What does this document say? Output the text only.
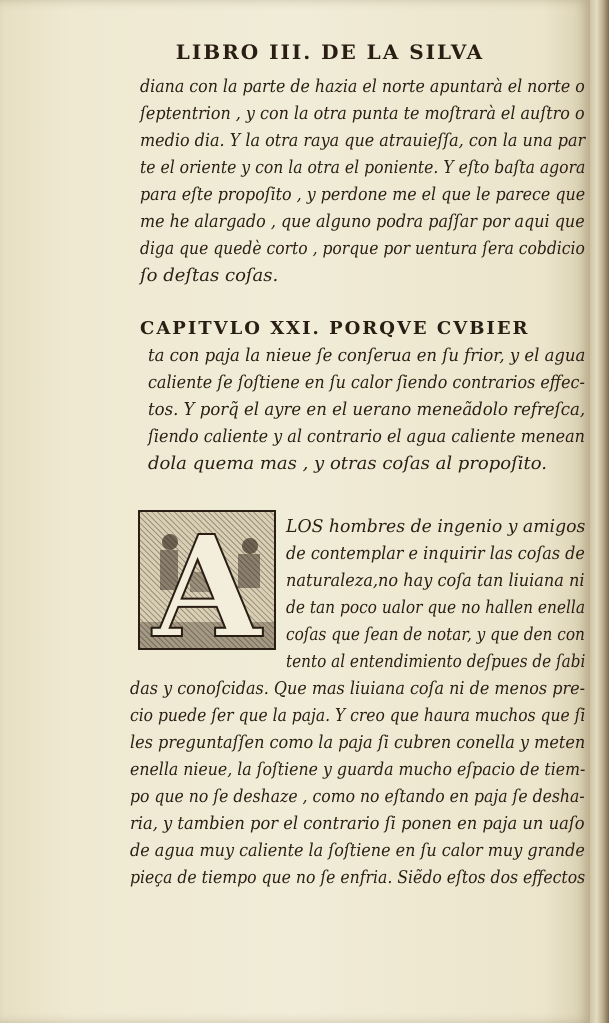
LIBRO III. DE LA SILVA
diana con la parte de hazia el norte apuntarà el norte o
ſeptentrion , y con la otra punta te moſtrarà el auſtro o
medio dia. Y la otra raya que atrauieſſa, con la una par
te el oriente y con la otra el poniente. Y eſto baſta agora
para eſte propoſito , y perdone me el que le parece que
me he alargado , que alguno podra paſſar por aqui que
diga que quedè corto , porque por uentura ſera cobdicio
ſo deſtas coſas.
CAPITVLO XXI. PORQVE CVBIER
ta con paja la nieue ſe conſerua en ſu frior, y el agua
caliente ſe ſoſtiene en ſu calor ſiendo contrarios effec-
tos. Y porq̃ el ayre en el uerano meneãdolo refreſca,
ſiendo caliente y al contrario el agua caliente menean
dola quema mas , y otras coſas al propoſito.
A	LOS hombres de ingenio y amigos
de contemplar e inquirir las coſas de
naturaleza,no hay coſa tan liuiana ni
de tan poco ualor que no hallen enella
coſas que ſean de notar, y que den con
tento al entendimiento deſpues de ſabi
das y conoſcidas. Que mas liuiana coſa ni de menos pre-
cio puede ſer que la paja. Y creo que haura muchos que ſi
les preguntaſſen como la paja ſi cubren conella y meten
enella nieue, la ſoſtiene y guarda mucho eſpacio de tiem-
po que no ſe deshaze , como no eſtando en paja ſe desha-
ria, y tambien por el contrario ſi ponen en paja un uaſo
de agua muy caliente la ſoſtiene en ſu calor muy grande
pieça de tiempo que no ſe enfria. Siẽdo eſtos dos effectos
